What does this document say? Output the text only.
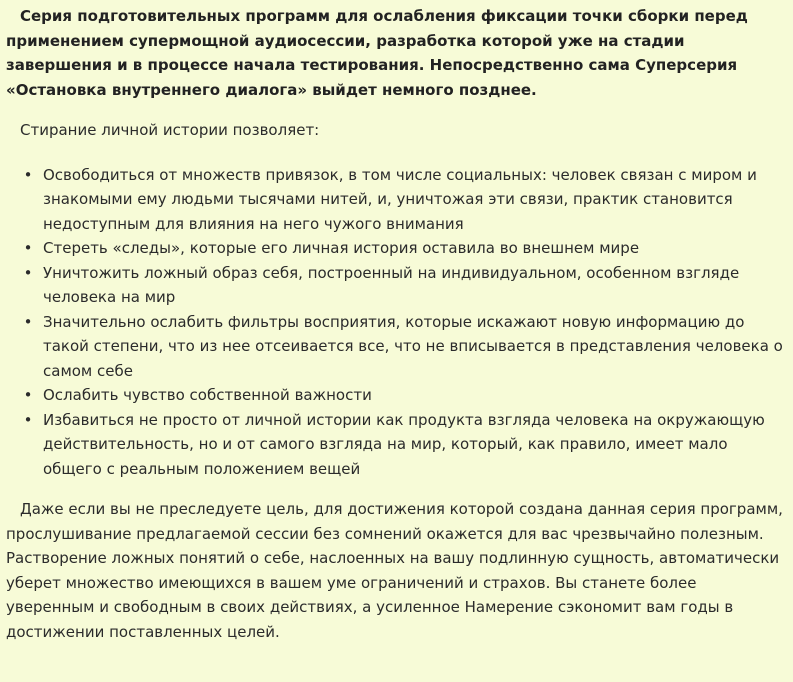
Серия подготовительных программ для ослабления фиксации точки сборки перед применением супермощной аудиосессии, разработка которой уже на стадии завершения и в процессе начала тестирования. Непосредственно сама Суперсерия «Остановка внутреннего диалога» выйдет немного позднее.

Стирание личной истории позволяет:

• Освободиться от множеств привязок, в том числе социальных: человек связан с миром и знакомыми ему людьми тысячами нитей, и, уничтожая эти связи, практик становится недоступным для влияния на него чужого внимания
• Стереть «следы», которые его личная история оставила во внешнем мире
• Уничтожить ложный образ себя, построенный на индивидуальном, особенном взгляде человека на мир
• Значительно ослабить фильтры восприятия, которые искажают новую информацию до такой степени, что из нее отсеивается все, что не вписывается в представления человека о самом себе
• Ослабить чувство собственной важности
• Избавиться не просто от личной истории как продукта взгляда человека на окружающую действительность, но и от самого взгляда на мир, который, как правило, имеет мало общего с реальным положением вещей

Даже если вы не преследуете цель, для достижения которой создана данная серия программ, прослушивание предлагаемой сессии без сомнений окажется для вас чрезвычайно полезным. Растворение ложных понятий о себе, наслоенных на вашу подлинную сущность, автоматически уберет множество имеющихся в вашем уме ограничений и страхов. Вы станете более уверенным и свободным в своих действиях, а усиленное Намерение сэкономит вам годы в достижении поставленных целей.
